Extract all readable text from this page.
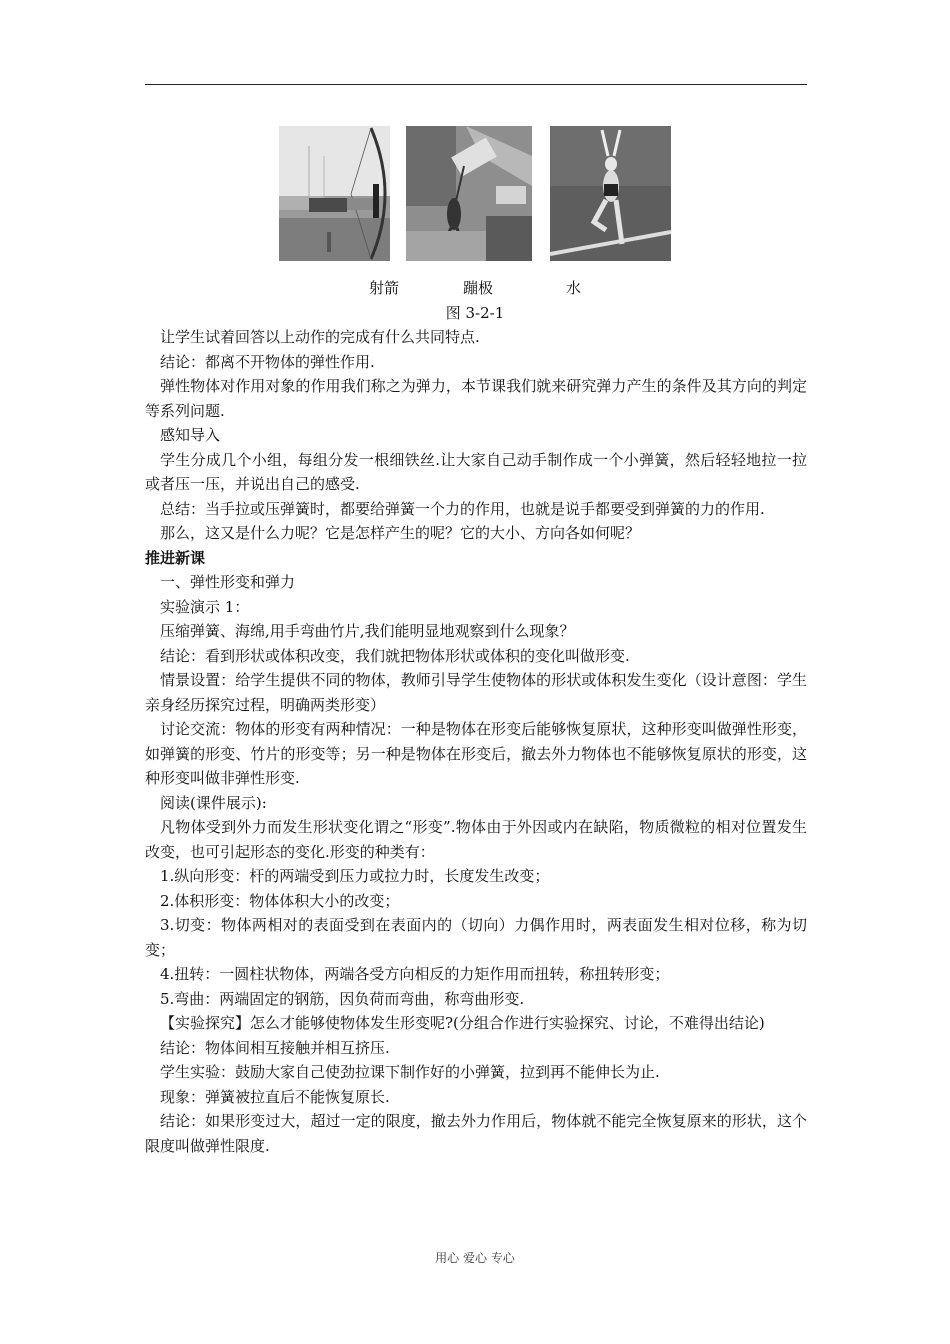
射箭	蹦极	水
图 3-2-1

让学生试着回答以上动作的完成有什么共同特点.

结论：都离不开物体的弹性作用.

弹性物体对作用对象的作用我们称之为弹力，本节课我们就来研究弹力产生的条件及其方向的判定等系列问题.

感知导入

学生分成几个小组，每组分发一根细铁丝.让大家自己动手制作成一个小弹簧，然后轻轻地拉一拉或者压一压，并说出自己的感受.

总结：当手拉或压弹簧时，都要给弹簧一个力的作用，也就是说手都要受到弹簧的力的作用.

那么，这又是什么力呢？它是怎样产生的呢？它的大小、方向各如何呢？

推进新课

一、弹性形变和弹力

实验演示 1：

压缩弹簧、海绵,用手弯曲竹片,我们能明显地观察到什么现象？

结论：看到形状或体积改变，我们就把物体形状或体积的变化叫做形变.

情景设置：给学生提供不同的物体，教师引导学生使物体的形状或体积发生变化（设计意图：学生亲身经历探究过程，明确两类形变）

讨论交流：物体的形变有两种情况：一种是物体在形变后能够恢复原状，这种形变叫做弹性形变，如弹簧的形变、竹片的形变等；另一种是物体在形变后，撤去外力物体也不能够恢复原状的形变，这种形变叫做非弹性形变.

阅读(课件展示):

凡物体受到外力而发生形状变化谓之“形变”.物体由于外因或内在缺陷，物质微粒的相对位置发生改变，也可引起形态的变化.形变的种类有：

1.纵向形变：杆的两端受到压力或拉力时，长度发生改变；

2.体积形变：物体体积大小的改变；

3.切变：物体两相对的表面受到在表面内的（切向）力偶作用时，两表面发生相对位移，称为切变；

4.扭转：一圆柱状物体，两端各受方向相反的力矩作用而扭转，称扭转形变；

5.弯曲：两端固定的钢筋，因负荷而弯曲，称弯曲形变.

【实验探究】怎么才能够使物体发生形变呢?(分组合作进行实验探究、讨论，不难得出结论)

结论：物体间相互接触并相互挤压.

学生实验：鼓励大家自己使劲拉课下制作好的小弹簧，拉到再不能伸长为止.

现象：弹簧被拉直后不能恢复原长.

结论：如果形变过大，超过一定的限度，撤去外力作用后，物体就不能完全恢复原来的形状，这个限度叫做弹性限度.

用心 爱心 专心
